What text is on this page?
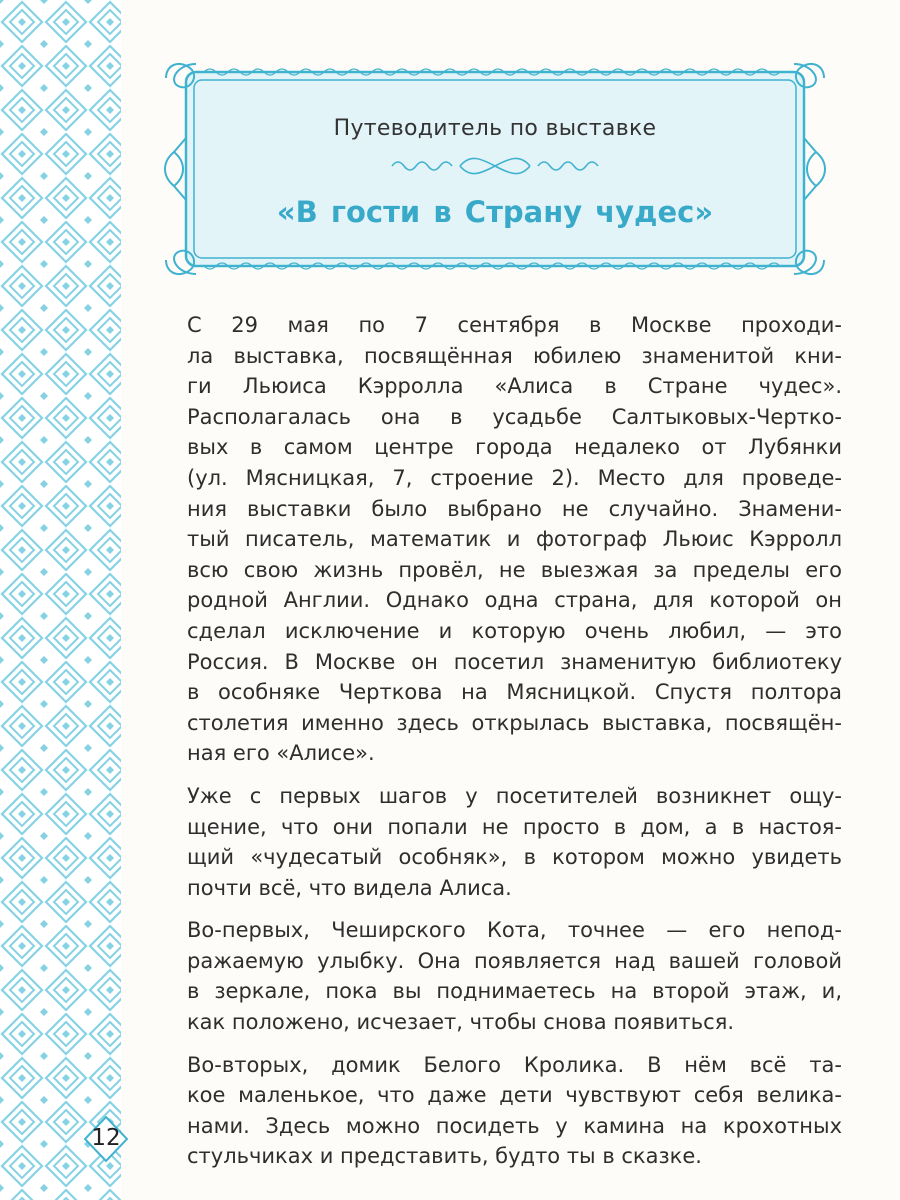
Путеводитель по выставке
«В гости в Страну чудес»

С 29 мая по 7 сентября в Москве проходи-
ла выставка, посвящённая юбилею знаменитой кни-
ги Льюиса Кэрролла «Алиса в Стране чудес».
Располагалась она в усадьбе Салтыковых-Чертко-
вых в самом центре города недалеко от Лубянки
(ул. Мясницкая, 7, строение 2). Место для проведе-
ния выставки было выбрано не случайно. Знамени-
тый писатель, математик и фотограф Льюис Кэрролл
всю свою жизнь провёл, не выезжая за пределы его
родной Англии. Однако одна страна, для которой он
сделал исключение и которую очень любил, — это
Россия. В Москве он посетил знаменитую библиотеку
в особняке Черткова на Мясницкой. Спустя полтора
столетия именно здесь открылась выставка, посвящён-
ная его «Алисе».

Уже с первых шагов у посетителей возникнет ощу-
щение, что они попали не просто в дом, а в настоя-
щий «чудесатый особняк», в котором можно увидеть
почти всё, что видела Алиса.

Во-первых, Чеширского Кота, точнее — его непод-
ражаемую улыбку. Она появляется над вашей головой
в зеркале, пока вы поднимаетесь на второй этаж, и,
как положено, исчезает, чтобы снова появиться.

Во-вторых, домик Белого Кролика. В нём всё та-
кое маленькое, что даже дети чувствуют себя велика-
нами. Здесь можно посидеть у камина на крохотных
стульчиках и представить, будто ты в сказке.

12
